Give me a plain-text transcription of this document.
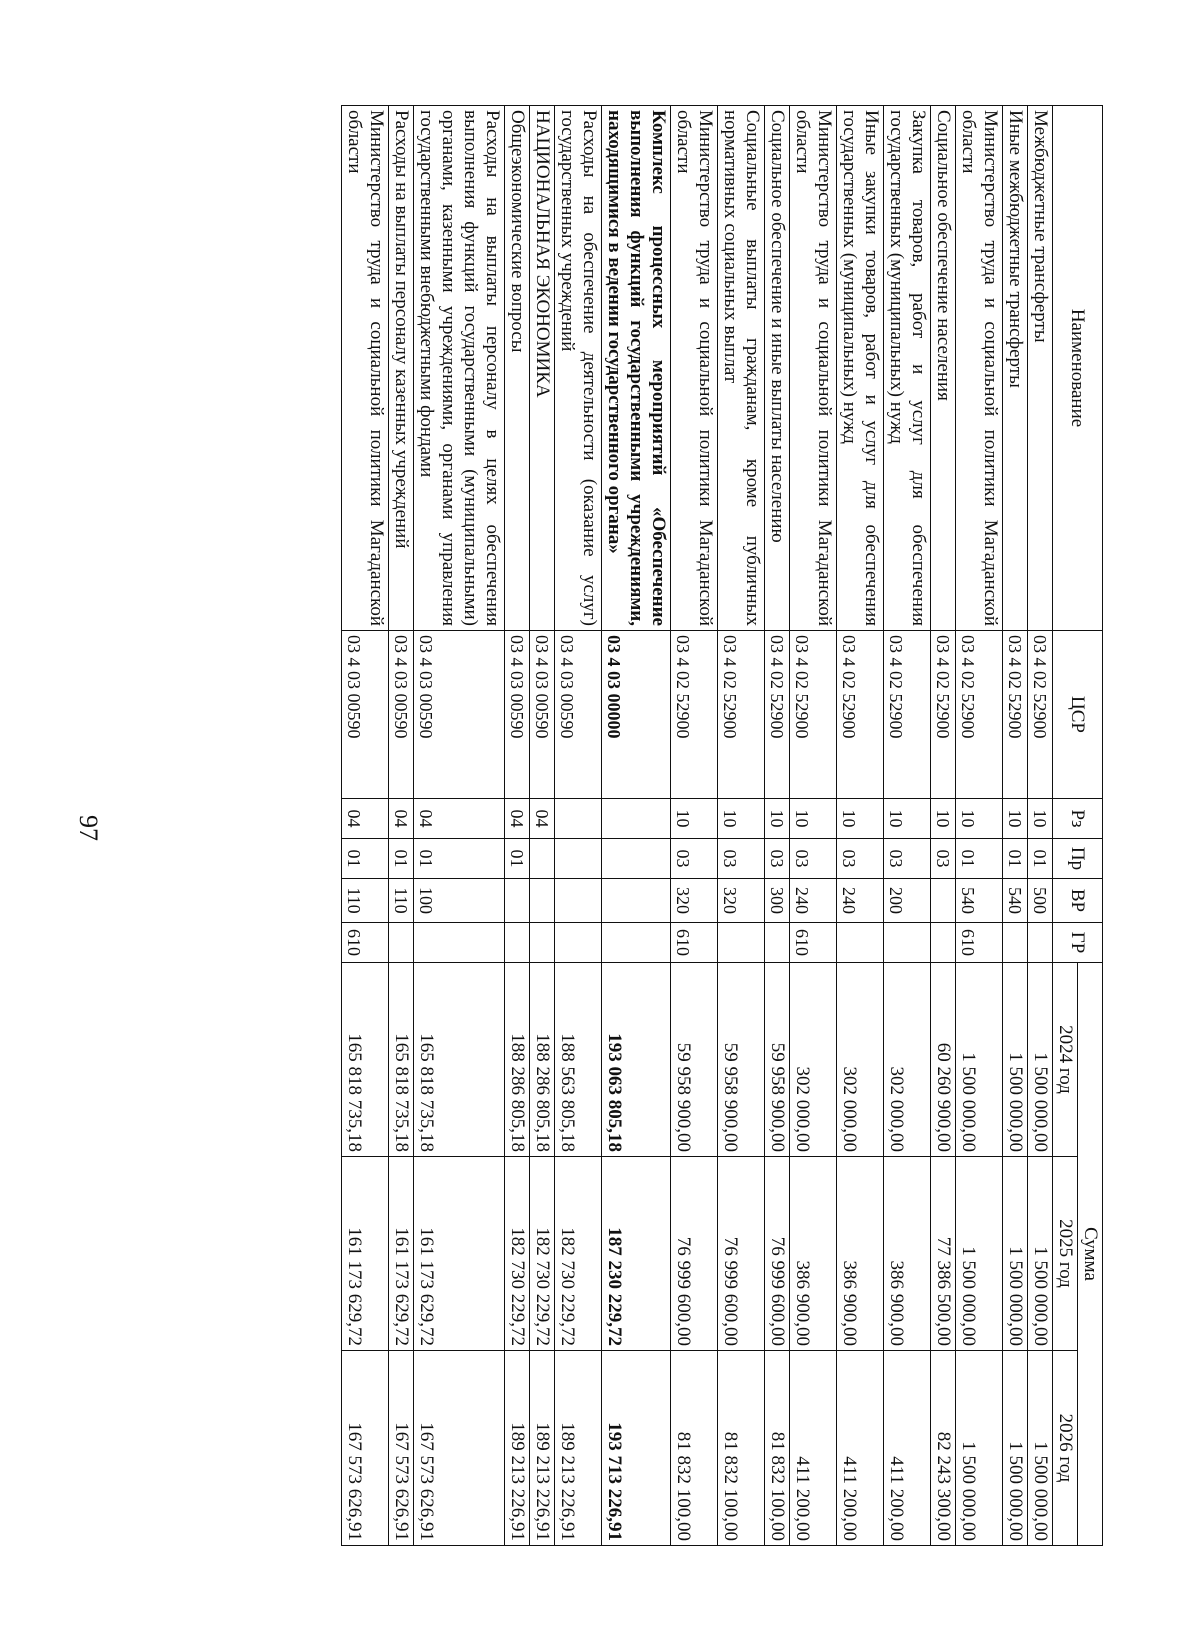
97
Наименование	ЦСР	Рз	Пр	ВР	ГР	Сумма		
						2024 год	2025 год	2026 год
Межбюджетные трансферты	03 4 02 52900	10	01	500		1 500 000,00	1 500 000,00	1 500 000,00
Иные межбюджетные трансферты	03 4 02 52900	10	01	540		1 500 000,00	1 500 000,00	1 500 000,00
Министерство труда и социальной политики Магаданской области	03 4 02 52900	10	01	540	610	1 500 000,00	1 500 000,00	1 500 000,00
Социальное обеспечение населения	03 4 02 52900	10	03			60 260 900,00	77 386 500,00	82 243 300,00
Закупка товаров, работ и услуг для обеспечения государственных (муниципальных) нужд	03 4 02 52900	10	03	200		302 000,00	386 900,00	411 200,00
Иные закупки товаров, работ и услуг для обеспечения государственных (муниципальных) нужд	03 4 02 52900	10	03	240		302 000,00	386 900,00	411 200,00
Министерство труда и социальной политики Магаданской области	03 4 02 52900	10	03	240	610	302 000,00	386 900,00	411 200,00
Социальное обеспечение и иные выплаты населению	03 4 02 52900	10	03	300		59 958 900,00	76 999 600,00	81 832 100,00
Социальные выплаты гражданам, кроме публичных нормативных социальных выплат	03 4 02 52900	10	03	320		59 958 900,00	76 999 600,00	81 832 100,00
Министерство труда и социальной политики Магаданской области	03 4 02 52900	10	03	320	610	59 958 900,00	76 999 600,00	81 832 100,00
Комплекс процессных мероприятий «Обеспечение выполнения функций государственными учреждениями, находящимися в ведении государственного органа»	03 4 03 00000					193 063 805,18	187 230 229,72	193 713 226,91
Расходы на обеспечение деятельности (оказание услуг) государственных учреждений	03 4 03 00590					188 563 805,18	182 730 229,72	189 213 226,91
НАЦИОНАЛЬНАЯ ЭКОНОМИКА	03 4 03 00590	04				188 286 805,18	182 730 229,72	189 213 226,91
Общеэкономические вопросы	03 4 03 00590	04	01			188 286 805,18	182 730 229,72	189 213 226,91
Расходы на выплаты персоналу в целях обеспечения выполнения функций государственными (муниципальными) органами, казенными учреждениями, органами управления государственными внебюджетными фондами	03 4 03 00590	04	01	100		165 818 735,18	161 173 629,72	167 573 626,91
Расходы на выплаты персоналу казенных учреждений	03 4 03 00590	04	01	110		165 818 735,18	161 173 629,72	167 573 626,91
Министерство труда и социальной политики Магаданской области	03 4 03 00590	04	01	110	610	165 818 735,18	161 173 629,72	167 573 626,91
